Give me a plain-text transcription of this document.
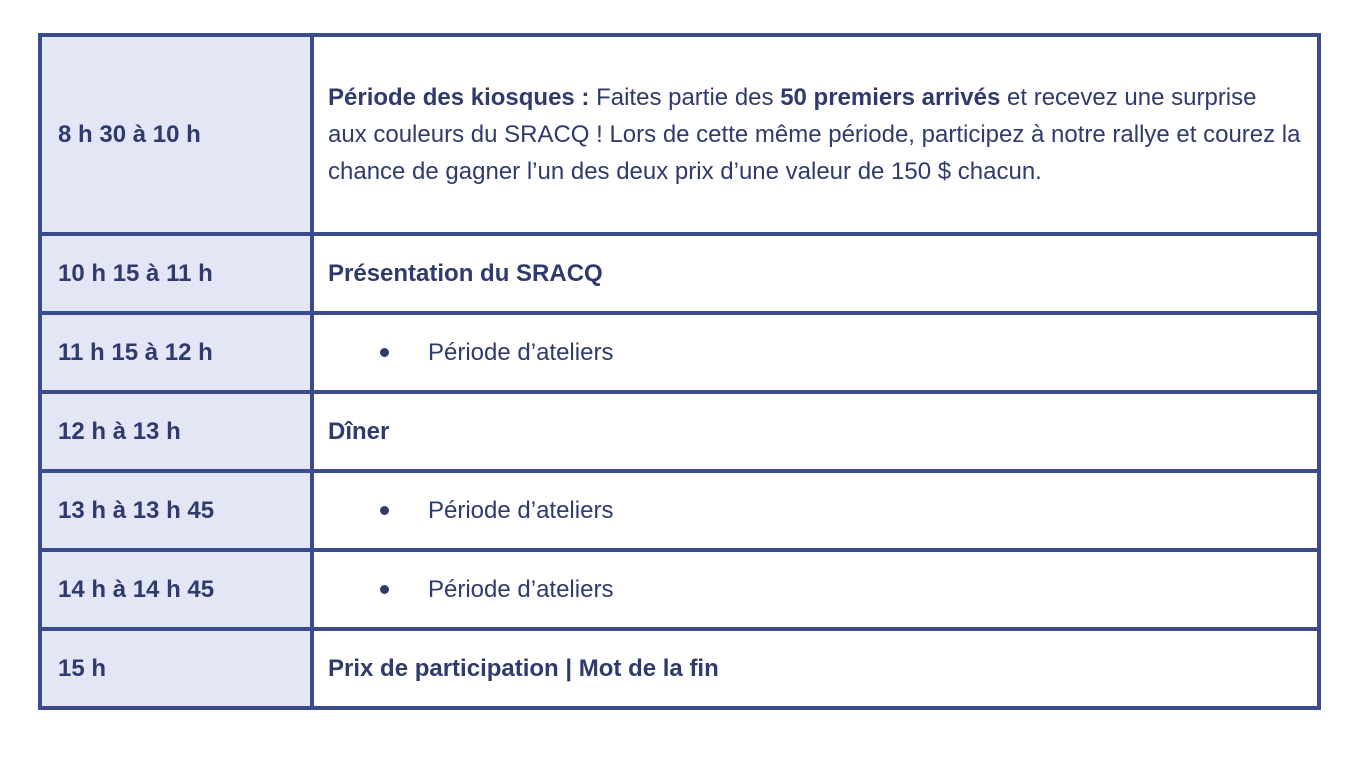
8 h 30 à 10 h	Période des kiosques : Faites partie des 50 premiers arrivés et recevez une surprise aux couleurs du SRACQ ! Lors de cette même période, participez à notre rallye et courez la chance de gagner l’un des deux prix d’une valeur de 150 $ chacun.
10 h 15 à 11 h	Présentation du SRACQ
11 h 15 à 12 h	Période d’ateliers

12 h à 13 h	Dîner
13 h à 13 h 45	Période d’ateliers

14 h à 14 h 45	Période d’ateliers

15 h	Prix de participation | Mot de la fin
